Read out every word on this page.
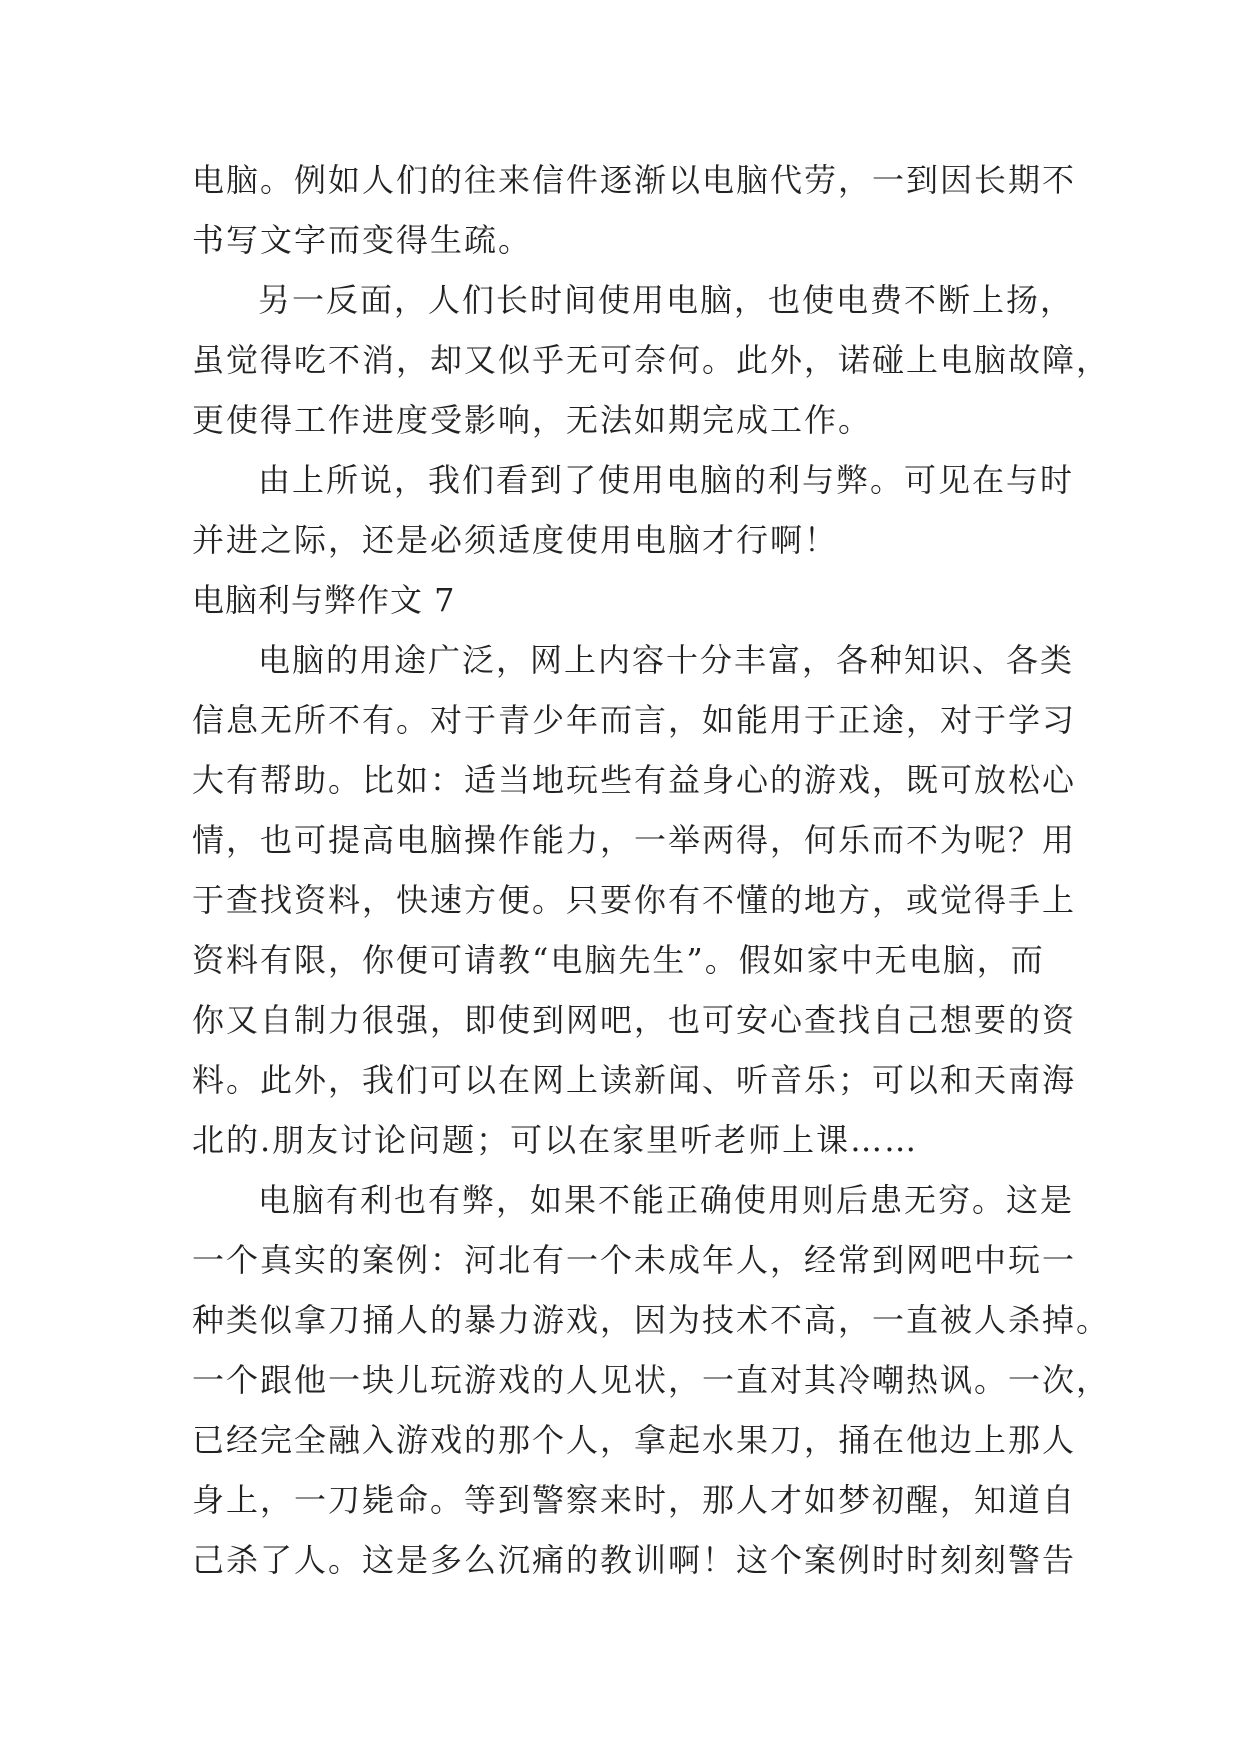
电脑。例如人们的往来信件逐渐以电脑代劳，一到因长期不
书写文字而变得生疏。
另一反面，人们长时间使用电脑，也使电费不断上扬，
虽觉得吃不消，却又似乎无可奈何。此外，诺碰上电脑故障，
更使得工作进度受影响，无法如期完成工作。
由上所说，我们看到了使用电脑的利与弊。可见在与时
并进之际，还是必须适度使用电脑才行啊！
电脑利与弊作文 7
电脑的用途广泛，网上内容十分丰富，各种知识、各类
信息无所不有。对于青少年而言，如能用于正途，对于学习
大有帮助。比如：适当地玩些有益身心的游戏，既可放松心
情，也可提高电脑操作能力，一举两得，何乐而不为呢？用
于查找资料，快速方便。只要你有不懂的地方，或觉得手上
资料有限，你便可请教“电脑先生”。假如家中无电脑，而
你又自制力很强，即使到网吧，也可安心查找自己想要的资
料。此外，我们可以在网上读新闻、听音乐；可以和天南海
北的.朋友讨论问题；可以在家里听老师上课……
电脑有利也有弊，如果不能正确使用则后患无穷。这是
一个真实的案例：河北有一个未成年人，经常到网吧中玩一
种类似拿刀捅人的暴力游戏，因为技术不高，一直被人杀掉。
一个跟他一块儿玩游戏的人见状，一直对其冷嘲热讽。一次，
已经完全融入游戏的那个人，拿起水果刀，捅在他边上那人
身上，一刀毙命。等到警察来时，那人才如梦初醒，知道自
己杀了人。这是多么沉痛的教训啊！这个案例时时刻刻警告
